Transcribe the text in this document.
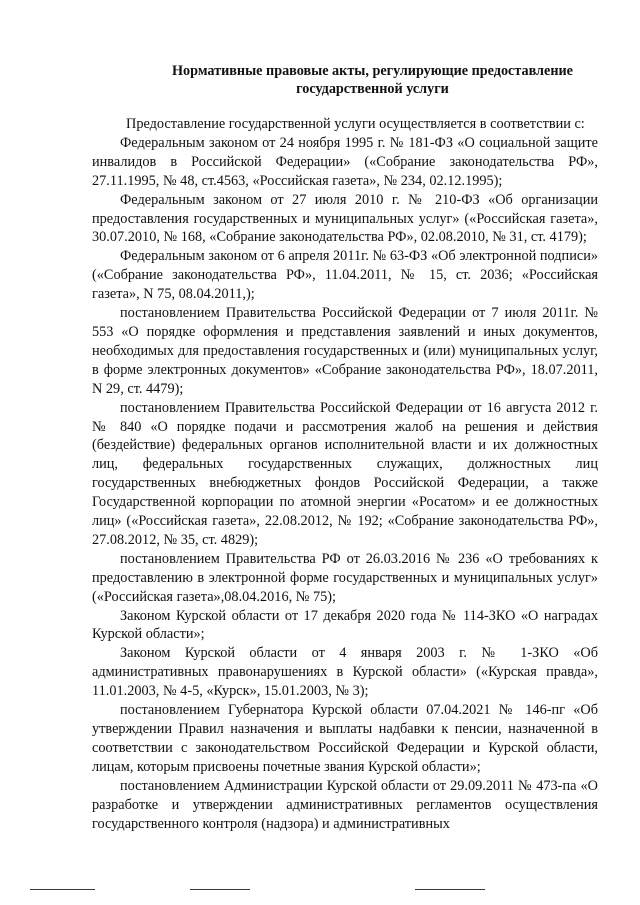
Нормативные правовые акты, регулирующие предоставление
государственной услуги

Предоставление государственной услуги осуществляется в соответствии с:

Федеральным законом от 24 ноября 1995 г. № 181-ФЗ «О социальной защите инвалидов в Российской Федерации» («Собрание законодательства РФ», 27.11.1995, № 48, ст.4563, «Российская газета», № 234, 02.12.1995);

Федеральным законом от 27 июля 2010 г. № 210-ФЗ «Об организации предоставления государственных и муниципальных услуг» («Российская газета», 30.07.2010, № 168, «Собрание законодательства РФ», 02.08.2010, № 31, ст. 4179);

Федеральным законом от 6 апреля 2011г. № 63-ФЗ «Об электронной подписи» («Собрание законодательства РФ», 11.04.2011, № 15, ст. 2036; «Российская газета», N 75, 08.04.2011,);

постановлением Правительства Российской Федерации от 7 июля 2011г. № 553 «О порядке оформления и представления заявлений и иных документов, необходимых для предоставления государственных и (или) муниципальных услуг, в форме электронных документов» «Собрание законодательства РФ», 18.07.2011, N 29, ст. 4479);

постановлением Правительства Российской Федерации от 16 августа 2012 г. № 840 «О порядке подачи и рассмотрения жалоб на решения и действия (бездействие) федеральных органов исполнительной власти и их должностных лиц, федеральных государственных служащих, должностных лиц государственных внебюджетных фондов Российской Федерации, а также Государственной корпорации по атомной энергии «Росатом» и ее должностных лиц» («Российская газета», 22.08.2012, № 192; «Собрание законодательства РФ», 27.08.2012, № 35, ст. 4829);

постановлением Правительства РФ от 26.03.2016 № 236 «О требованиях к предоставлению в электронной форме государственных и муниципальных услуг» («Российская газета»,08.04.2016, № 75);

Законом Курской области от 17 декабря 2020 года № 114-ЗКО «О наградах Курской области»;

Законом Курской области от 4 января 2003 г. № 1-ЗКО «Об административных правонарушениях в Курской области» («Курская правда», 11.01.2003, № 4-5, «Курск», 15.01.2003, № 3);

постановлением Губернатора Курской области 07.04.2021 № 146-пг «Об утверждении Правил назначения и выплаты надбавки к пенсии, назначенной в соответствии с законодательством Российской Федерации и Курской области, лицам, которым присвоены почетные звания Курской области»;

постановлением Администрации Курской области от 29.09.2011 № 473-па «О разработке и утверждении административных регламентов осуществления государственного контроля (надзора) и административных
